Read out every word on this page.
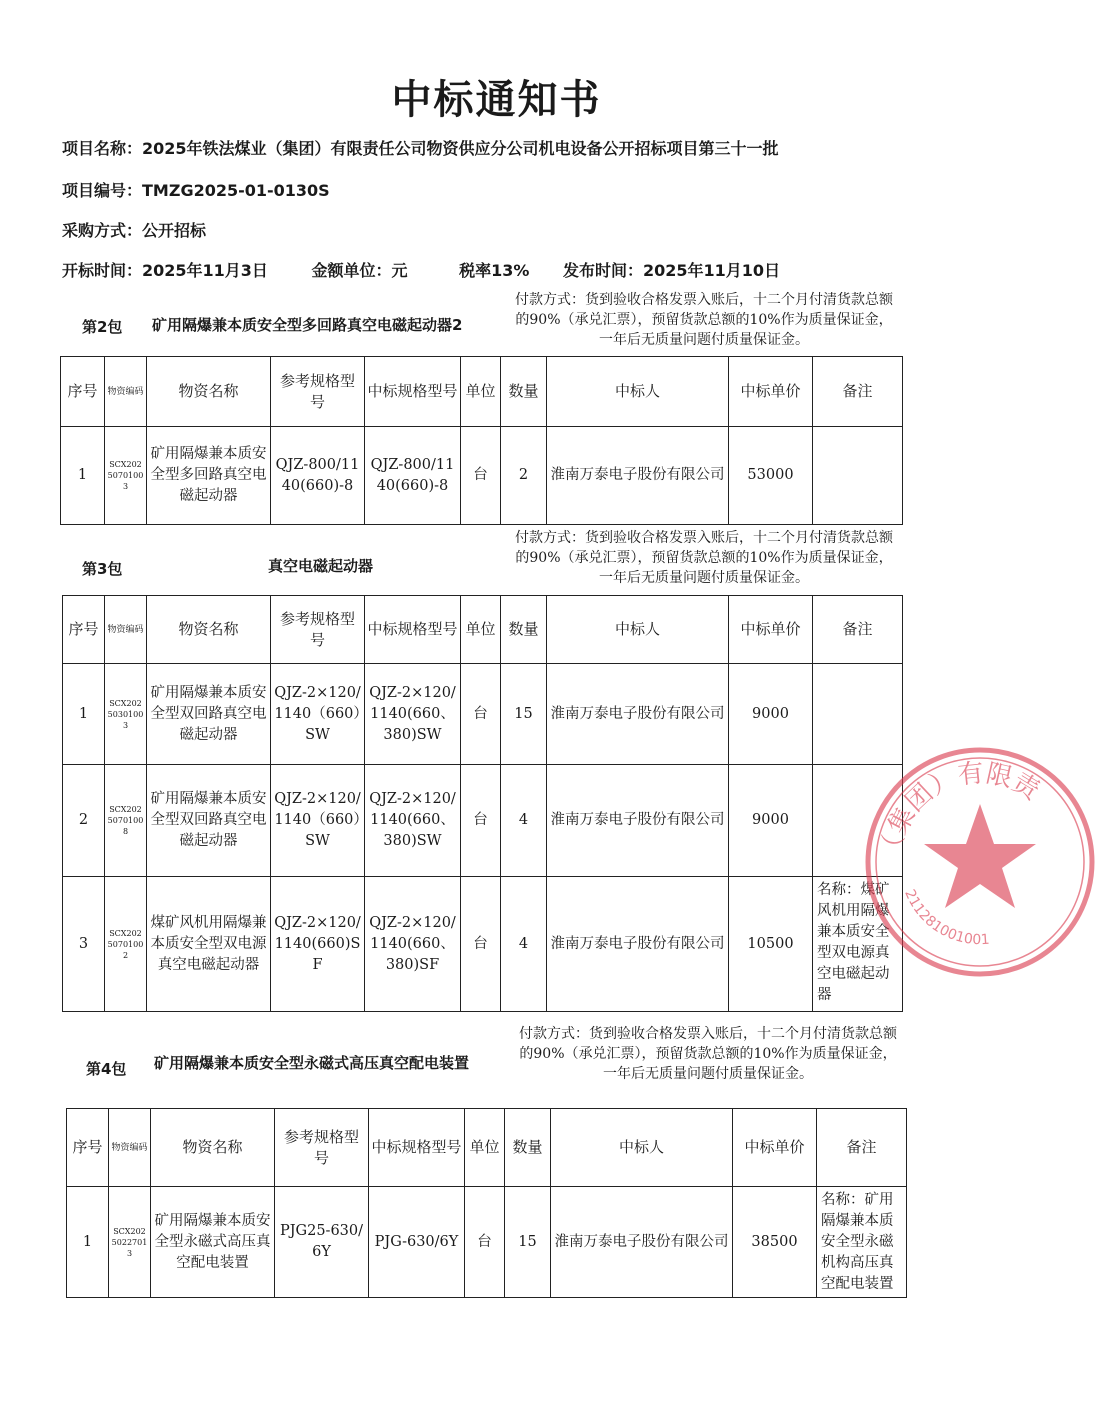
中标通知书
项目名称：2025年铁法煤业（集团）有限责任公司物资供应分公司机电设备公开招标项目第三十一批
项目编号：TMZG2025-01-0130S
采购方式：公开招标
开标时间：2025年11月3日	金额单位：元	税率13% 发布时间：2025年11月10日
第2包 矿用隔爆兼本质安全型多回路真空电磁起动器2
付款方式：货到验收合格发票入账后，十二个月付清货款总额的90%（承兑汇票），预留货款总额的10%作为质量保证金，一年后无质量问题付质量保证金。
序号	物资编码	物资名称	参考规格型号	中标规格型号	单位	数量	中标人	中标单价	备注
1	SCX20250701003	矿用隔爆兼本质安全型多回路真空电磁起动器	QJZ-800/1140(660)-8	QJZ-800/1140(660)-8	台	2	淮南万泰电子股份有限公司	53000	
第3包	真空电磁起动器
付款方式：货到验收合格发票入账后，十二个月付清货款总额的90%（承兑汇票），预留货款总额的10%作为质量保证金，一年后无质量问题付质量保证金。
序号	物资编码	物资名称	参考规格型号	中标规格型号	单位	数量	中标人	中标单价	备注
1	SCX20250301003	矿用隔爆兼本质安全型双回路真空电磁起动器	QJZ-2×120/1140（660）SW	QJZ-2×120/1140(660、380)SW	台	15	淮南万泰电子股份有限公司	9000	
2	SCX20250701008	矿用隔爆兼本质安全型双回路真空电磁起动器	QJZ-2×120/1140（660）SW	QJZ-2×120/1140(660、380)SW	台	4	淮南万泰电子股份有限公司	9000	
3	SCX20250701002	煤矿风机用隔爆兼本质安全型双电源真空电磁起动器	QJZ-2×120/1140(660)SF	QJZ-2×120/1140(660、380)SF	台	4	淮南万泰电子股份有限公司	10500	名称：煤矿风机用隔爆兼本质安全型双电源真空电磁起动器
第4包 矿用隔爆兼本质安全型永磁式高压真空配电装置
付款方式：货到验收合格发票入账后，十二个月付清货款总额的90%（承兑汇票），预留货款总额的10%作为质量保证金，一年后无质量问题付质量保证金。
序号	物资编码	物资名称	参考规格型号	中标规格型号	单位	数量	中标人	中标单价	备注
1	SCX20250227013	矿用隔爆兼本质安全型永磁式高压真空配电装置	PJG25-630/6Y	PJG-630/6Y	台	15	淮南万泰电子股份有限公司	38500	名称：矿用隔爆兼本质安全型永磁机构高压真空配电装置
（集团）有限责
211281001001
